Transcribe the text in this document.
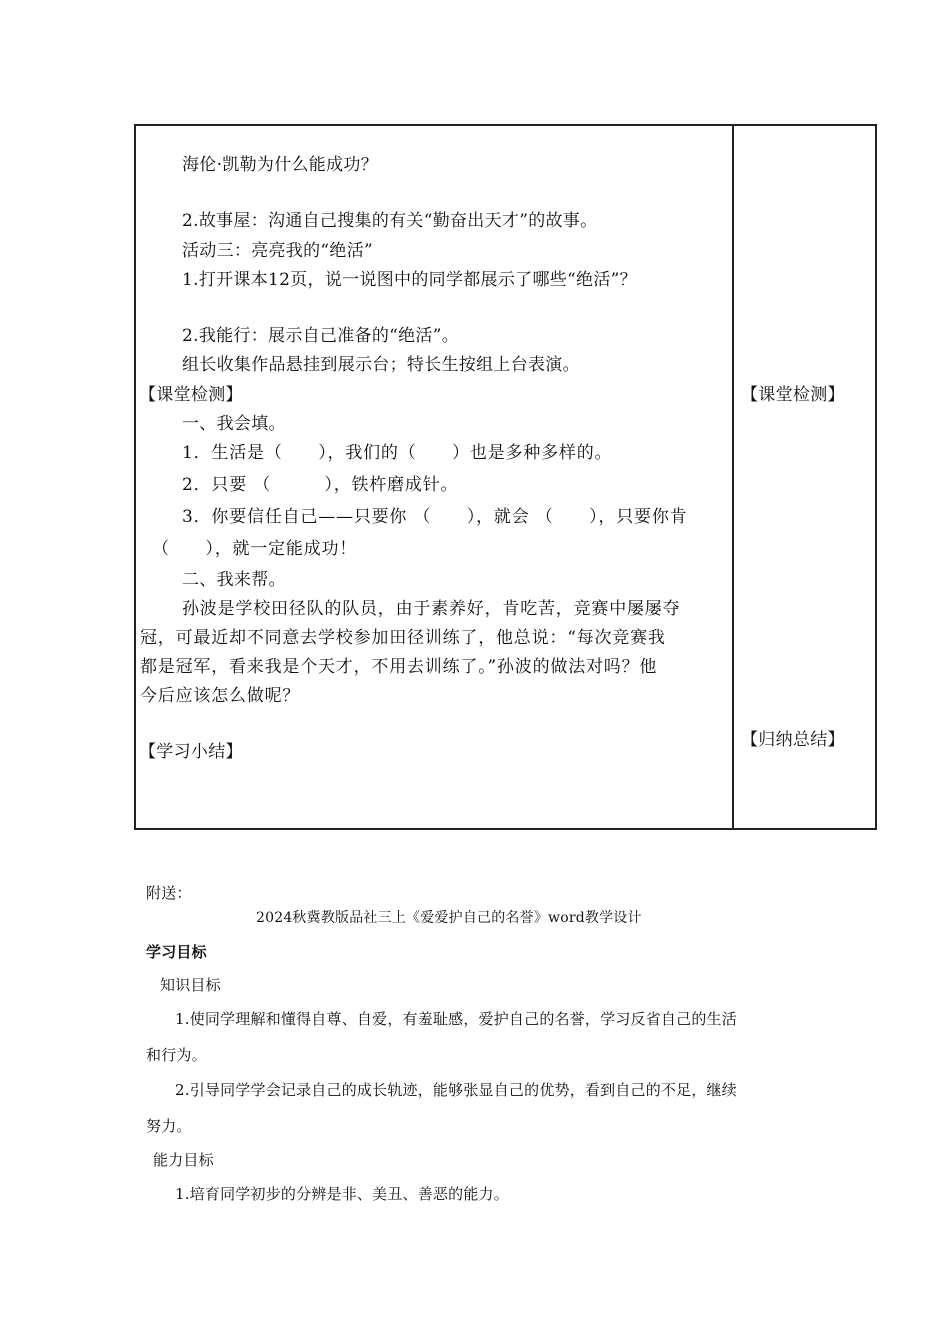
海伦·凯勒为什么能成功？
2.故事屋：沟通自己搜集的有关“勤奋出天才”的故事。
活动三：亮亮我的“绝活”
1.打开课本12页，说一说图中的同学都展示了哪些“绝活”？
2.我能行：展示自己准备的“绝活”。
组长收集作品悬挂到展示台；特长生按组上台表演。
【课堂检测】
一、我会填。
1．生活是（　　），我们的（　　）也是多种多样的。
2．只要 （　　　），铁杵磨成针。
3．你要信任自己——只要你 （　　），就会 （　　），只要你肯
（　　），就一定能成功！
二、我来帮。
孙波是学校田径队的队员，由于素养好，肯吃苦，竞赛中屡屡夺
冠，可最近却不同意去学校参加田径训练了，他总说：“每次竞赛我
都是冠军，看来我是个天才，不用去训练了。”孙波的做法对吗？他
今后应该怎么做呢？
【学习小结】
【课堂检测】
【归纳总结】
附送：
2024秋冀教版品社三上《爱爱护自己的名誉》word教学设计
学习目标
知识目标
1.使同学理解和懂得自尊、自爱，有羞耻感，爱护自己的名誉，学习反省自己的生活
和行为。
2.引导同学学会记录自己的成长轨迹，能够张显自己的优势，看到自己的不足，继续
努力。
能力目标
1.培育同学初步的分辨是非、美丑、善恶的能力。
